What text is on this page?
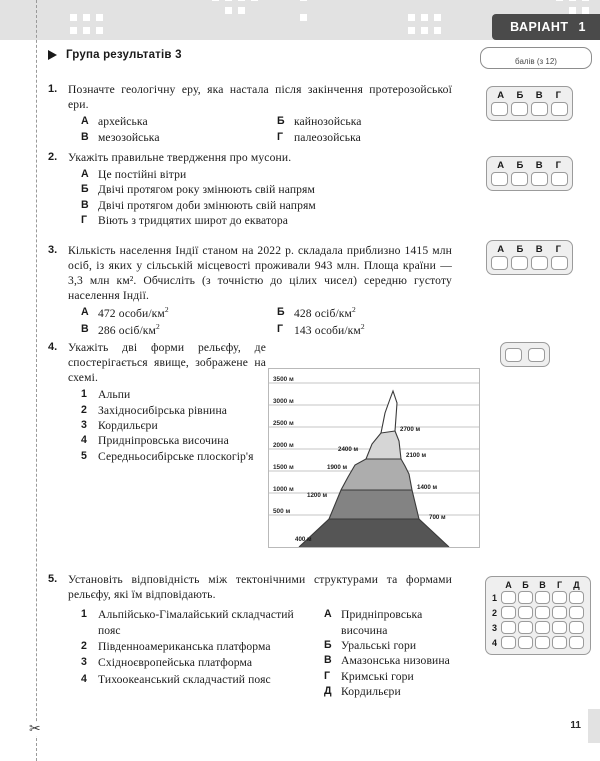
✂
ВАРІАНТ 1
балів (з 12)
Група результатів 3
1. Позначте геологічну еру, яка настала після закінчення протерозойської ери.
А архейська	Б кайнозойська
В мезозойська	Г палеозойська
А	Б	В	Г
2. Укажіть правильне твердження про мусони.
А Це постійні вітри
Б Двічі протягом року змінюють свій напрям
В Двічі протягом доби змінюють свій напрям
Г Віють з тридцятих широт до екватора
А	Б	В	Г
3. Кількість населення Індії станом на 2022 р. складала приблизно 1415 млн осіб, із яких у сільській місцевості проживали 943 млн. Площа країни — 3,3 млн км². Обчисліть (з точністю до цілих чисел) середню густоту населення Індії.
А 472 особи/$км^2$	Б 428 осіб/$км^2$
В 286 осіб/$км^2$	Г 143 особи/$км^2$
А	Б	В	Г
4. Укажіть дві форми рельєфу, де спостерігається явище, зображене на схемі.
1 Альпи
2 Західносибірська рівнина
3 Кордильєри
4 Придніпровська височина
5 Середньосибірське плоскогір'я
3500 м
3000 м
2500 м
2000 м
1500 м
1000 м
500 м
2700 м
2400 м
2100 м
1900 м
1400 м
1200 м
700 м
400 м
5. Установіть відповідність між тектонічними структурами та формами рельєфу, які їм відповідають.
1 Альпійсько-Гімалайський складчастий пояс
2 Південноамериканська платформа
3 Східноєвропейська платформа
4 Тихоокеанський складчастий пояс
А Придніпровська височина
Б Уральські гори
В Амазонська низовина
Г Кримські гори
Д Кордильєри
А	Б	В	Г	Д
1
2
3
4
11
